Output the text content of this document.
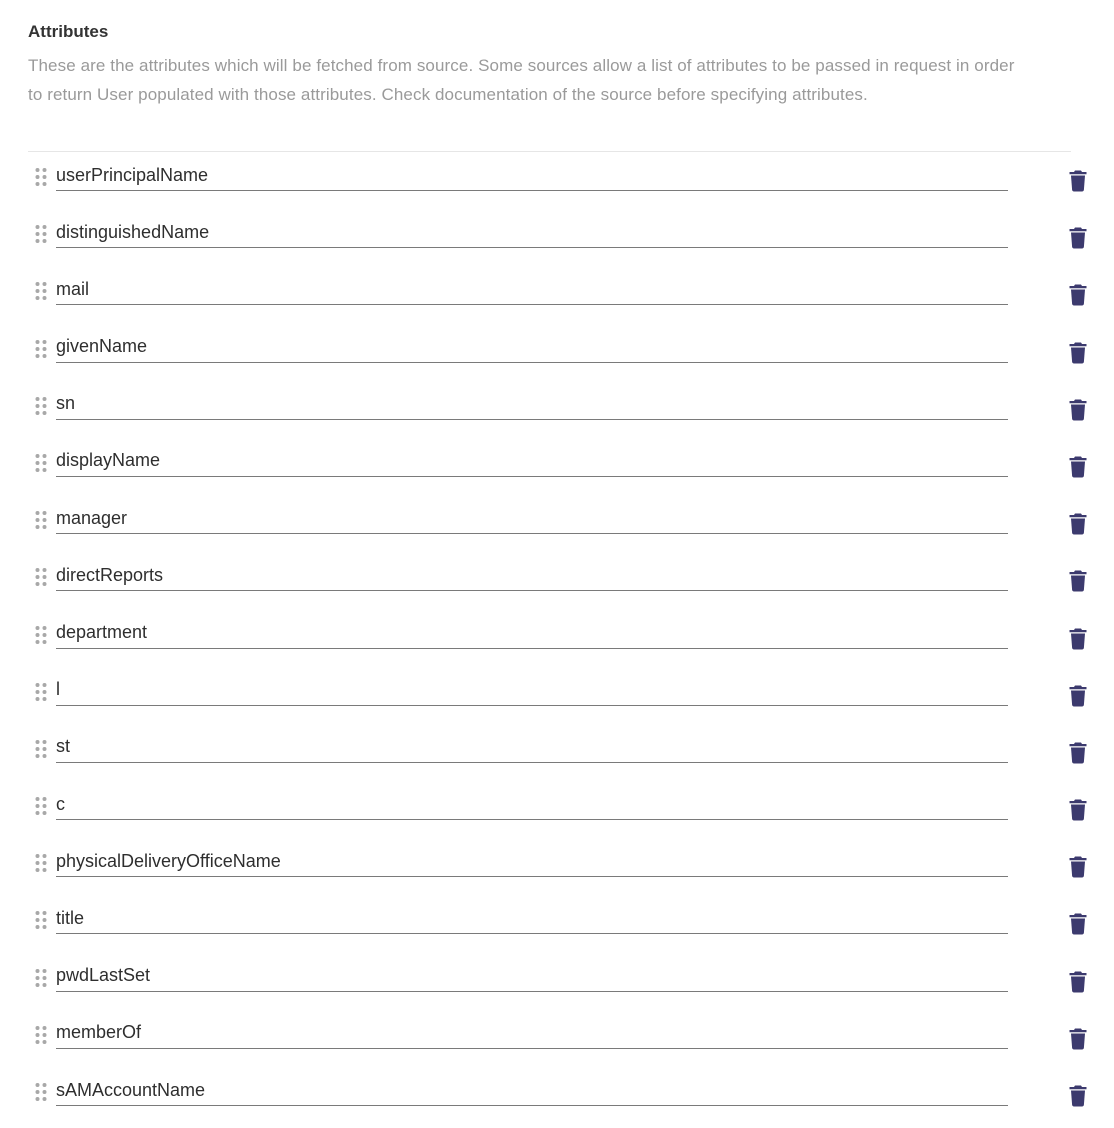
Attributes
These are the attributes which will be fetched from source. Some sources allow a list of attributes to be passed in request in order to return User populated with those attributes. Check documentation of the source before specifying attributes.
userPrincipalName
distinguishedName
mail
givenName
sn
displayName
manager
directReports
department
l
st
c
physicalDeliveryOfficeName
title
pwdLastSet
memberOf
sAMAccountName
